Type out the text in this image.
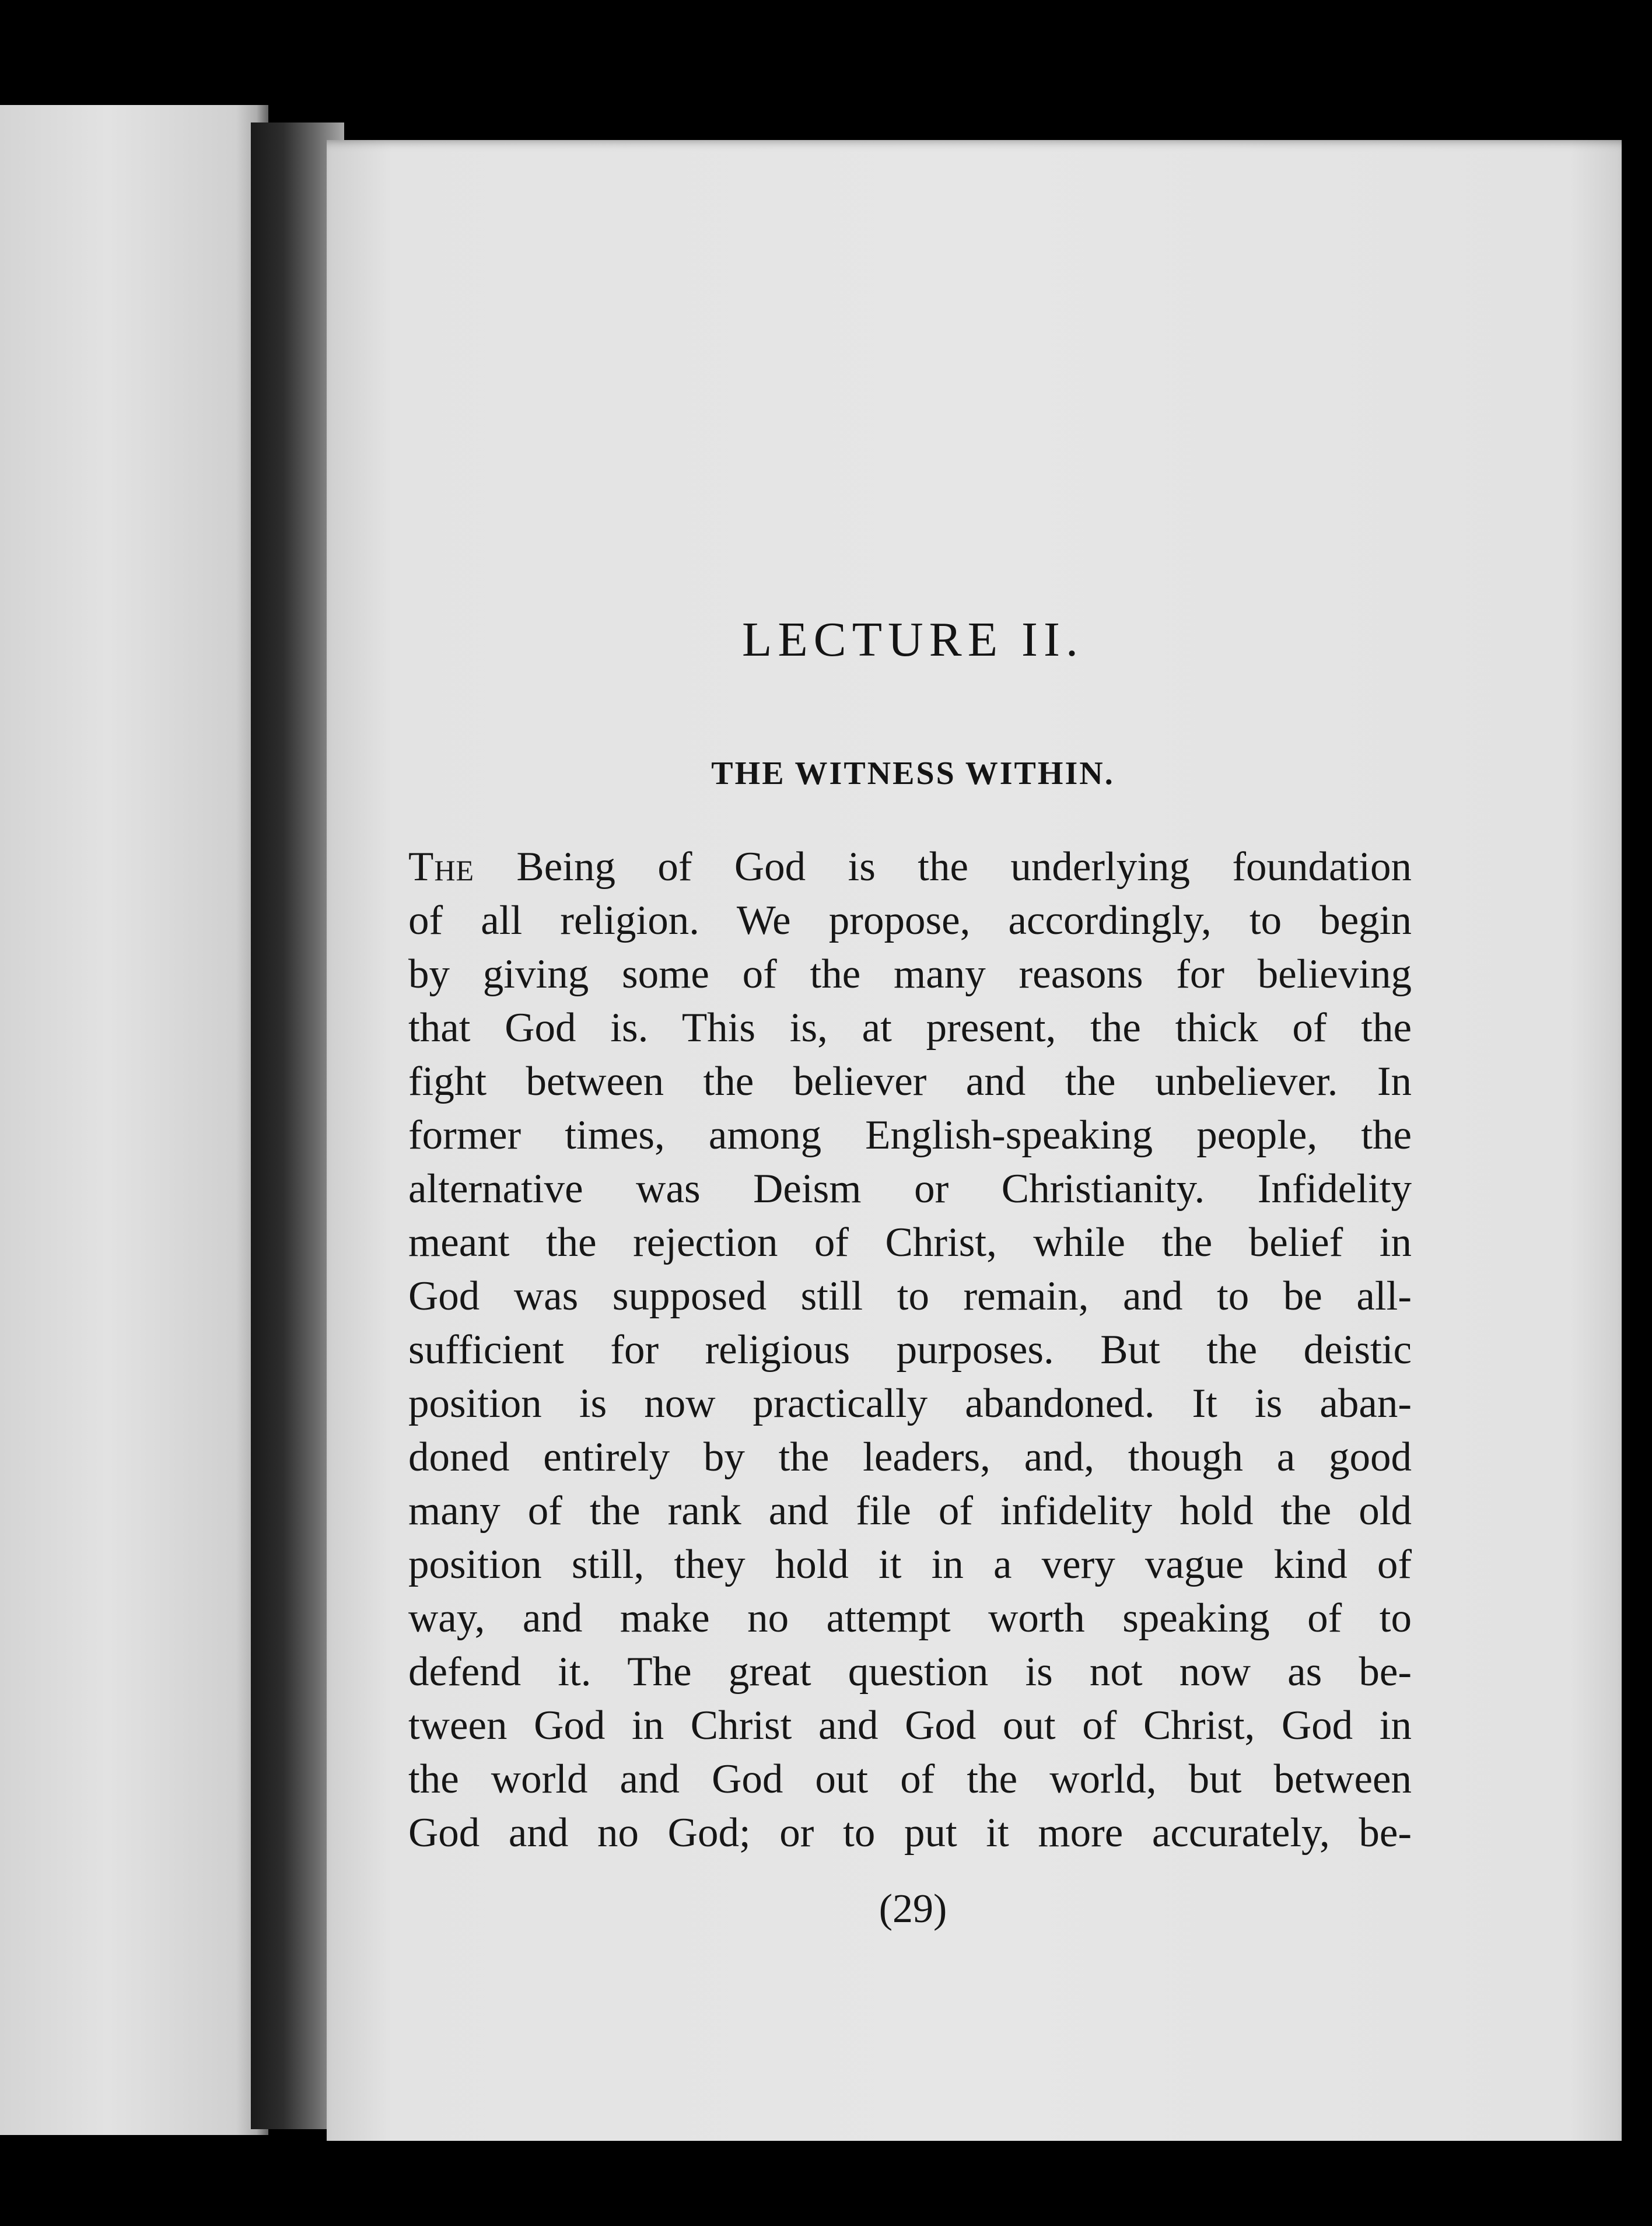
LECTURE II.
THE WITNESS WITHIN.
The Being of God is the underlying foundation
of all religion. We propose, accordingly, to begin
by giving some of the many reasons for believing
that God is. This is, at present, the thick of the
fight between the believer and the unbeliever. In
former times, among English-speaking people, the
alternative was Deism or Christianity. Infidelity
meant the rejection of Christ, while the belief in
God was supposed still to remain, and to be all-
sufficient for religious purposes. But the deistic
position is now practically abandoned. It is aban-
doned entirely by the leaders, and, though a good
many of the rank and file of infidelity hold the old
position still, they hold it in a very vague kind of
way, and make no attempt worth speaking of to
defend it. The great question is not now as be-
tween God in Christ and God out of Christ, God in
the world and God out of the world, but between
God and no God; or to put it more accurately, be-
(29)
